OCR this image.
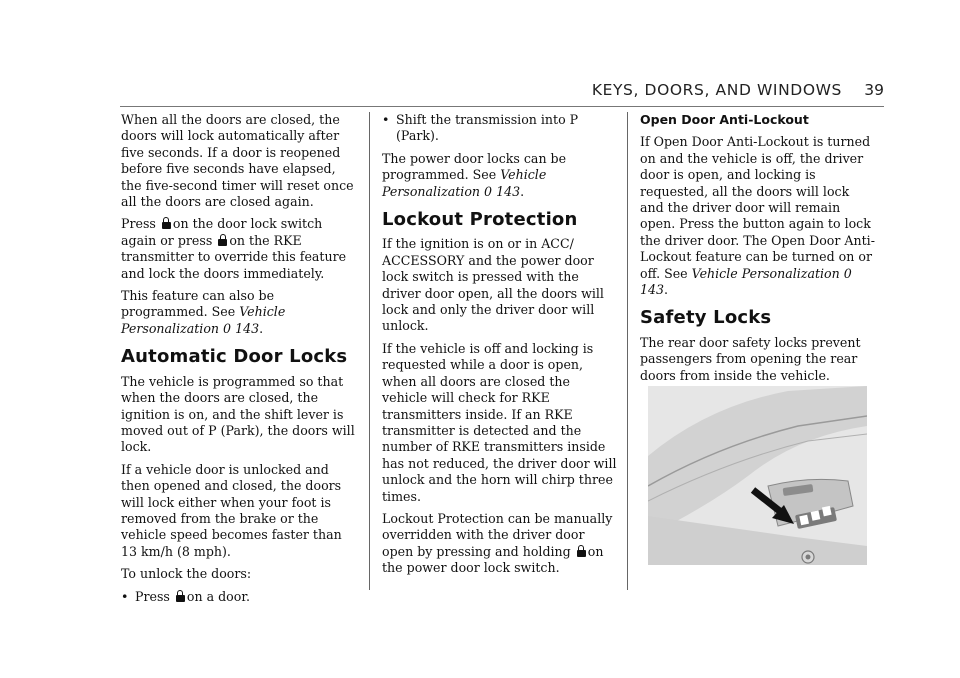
KEYS, DOORS, AND WINDOWS 39

When all the doors are closed, the doors will lock automatically after five seconds. If a door is reopened before five seconds have elapsed, the five-second timer will reset once all the doors are closed again.

Press on the door lock switch again or press on the RKE transmitter to override this feature and lock the doors immediately.

This feature can also be programmed. See Vehicle Personalization 0 143.

Automatic Door Locks

The vehicle is programmed so that when the doors are closed, the ignition is on, and the shift lever is moved out of P (Park), the doors will lock.

If a vehicle door is unlocked and then opened and closed, the doors will lock either when your foot is removed from the brake or the vehicle speed becomes faster than 13 km/h (8 mph).

To unlock the doors:

• Press on a door.
• Shift the transmission into P (Park).

The power door locks can be programmed. See Vehicle Personalization 0 143.

Lockout Protection

If the ignition is on or in ACC/ ACCESSORY and the power door lock switch is pressed with the driver door open, all the doors will lock and only the driver door will unlock.

If the vehicle is off and locking is requested while a door is open, when all doors are closed the vehicle will check for RKE transmitters inside. If an RKE transmitter is detected and the number of RKE transmitters inside has not reduced, the driver door will unlock and the horn will chirp three times.

Lockout Protection can be manually overridden with the driver door open by pressing and holding on the power door lock switch.

Open Door Anti-Lockout

If Open Door Anti-Lockout is turned on and the vehicle is off, the driver door is open, and locking is requested, all the doors will lock and the driver door will remain open. Press the button again to lock the driver door. The Open Door Anti-Lockout feature can be turned on or off. See Vehicle Personalization 0 143.

Safety Locks

The rear door safety locks prevent passengers from opening the rear doors from inside the vehicle.
